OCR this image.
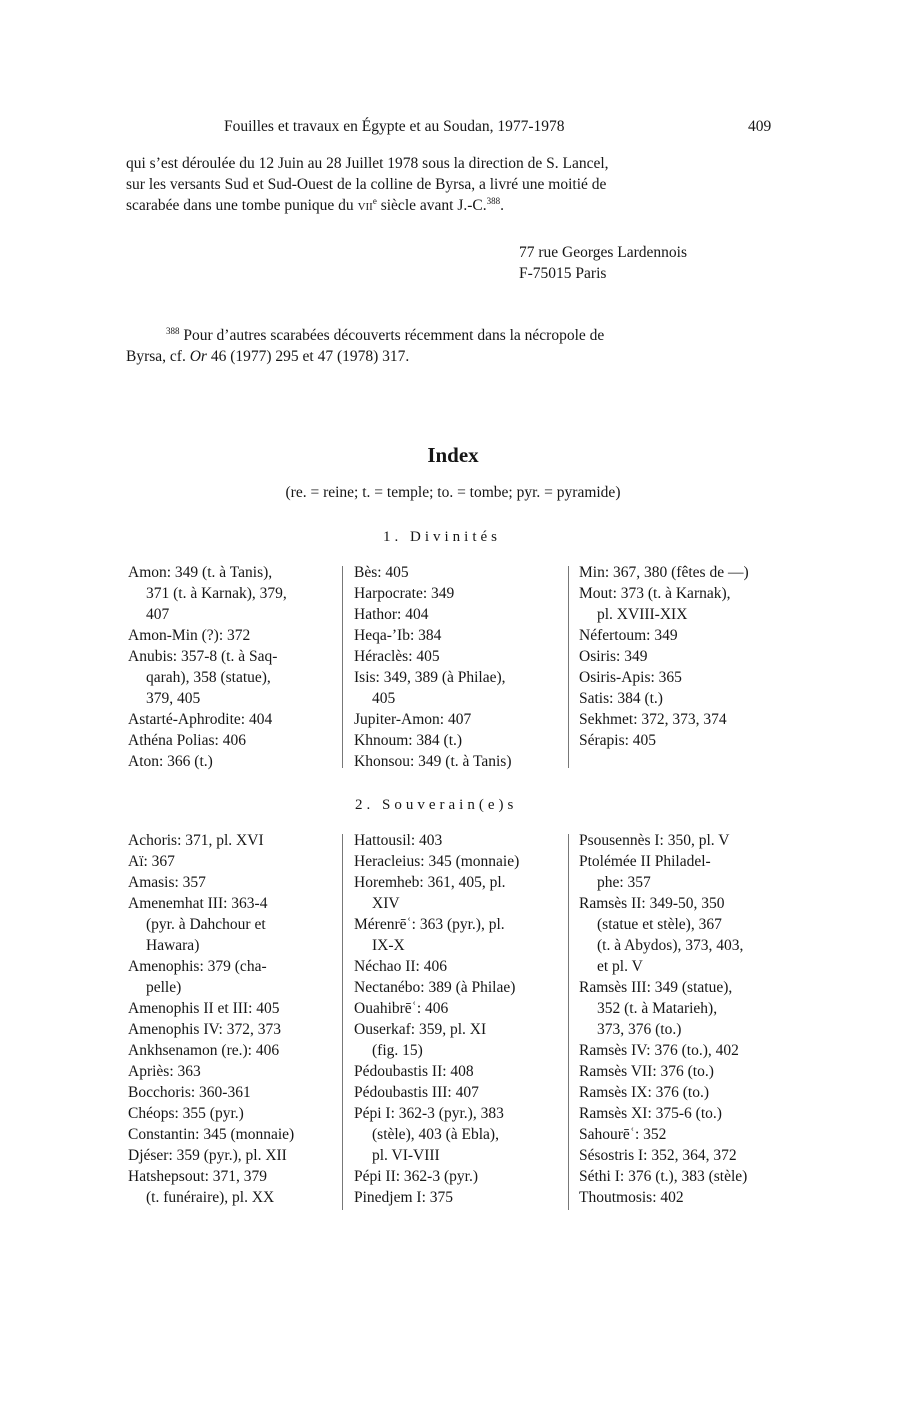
Fouilles et travaux en Égypte et au Soudan, 1977-1978	409
qui s’est déroulée du 12 Juin au 28 Juillet 1978 sous la direction de S. Lancel,
sur les versants Sud et Sud-Ouest de la colline de Byrsa, a livré une moitié de
scarabée dans une tombe punique du vii$^e$ siècle avant J.-C.$^{388}$.
77 rue Georges Lardennois
F-75015 Paris
$^{388}$ Pour d’autres scarabées découverts récemment dans la nécropole de
Byrsa, cf. Or 46 (1977) 295 et 47 (1978) 317.
Index
(re. = reine; t. = temple; to. = tombe; pyr. = pyramide)
1. Divinités
Amon: 349 (t. à Tanis),
371 (t. à Karnak), 379,
407
Amon-Min (?): 372
Anubis: 357-8 (t. à Saq-
qarah), 358 (statue),
379, 405
Astarté-Aphrodite: 404
Athéna Polias: 406
Aton: 366 (t.)
Bès: 405
Harpocrate: 349
Hathor: 404
Heqa-’Ib: 384
Héraclès: 405
Isis: 349, 389 (à Philae),
405
Jupiter-Amon: 407
Khnoum: 384 (t.)
Khonsou: 349 (t. à Tanis)
Min: 367, 380 (fêtes de —)
Mout: 373 (t. à Karnak),
pl. XVIII-XIX
Néfertoum: 349
Osiris: 349
Osiris-Apis: 365
Satis: 384 (t.)
Sekhmet: 372, 373, 374
Sérapis: 405
2. Souverain(e)s
Achoris: 371, pl. XVI
Aï: 367
Amasis: 357
Amenemhat III: 363-4
(pyr. à Dahchour et
Hawara)
Amenophis: 379 (cha-
pelle)
Amenophis II et III: 405
Amenophis IV: 372, 373
Ankhsenamon (re.): 406
Apriès: 363
Bocchoris: 360-361
Chéops: 355 (pyr.)
Constantin: 345 (monnaie)
Djéser: 359 (pyr.), pl. XII
Hatshepsout: 371, 379
(t. funéraire), pl. XX
Hattousil: 403
Heracleius: 345 (monnaie)
Horemheb: 361, 405, pl.
XIV
Mérenrēʿ: 363 (pyr.), pl.
IX-X
Néchao II: 406
Nectanébo: 389 (à Philae)
Ouahibrēʿ: 406
Ouserkaf: 359, pl. XI
(fig. 15)
Pédoubastis II: 408
Pédoubastis III: 407
Pépi I: 362-3 (pyr.), 383
(stèle), 403 (à Ebla),
pl. VI-VIII
Pépi II: 362-3 (pyr.)
Pinedjem I: 375
Psousennès I: 350, pl. V
Ptolémée II Philadel-
phe: 357
Ramsès II: 349-50, 350
(statue et stèle), 367
(t. à Abydos), 373, 403,
et pl. V
Ramsès III: 349 (statue),
352 (t. à Matarieh),
373, 376 (to.)
Ramsès IV: 376 (to.), 402
Ramsès VII: 376 (to.)
Ramsès IX: 376 (to.)
Ramsès XI: 375-6 (to.)
Sahourēʿ: 352
Sésostris I: 352, 364, 372
Séthi I: 376 (t.), 383 (stèle)
Thoutmosis: 402
